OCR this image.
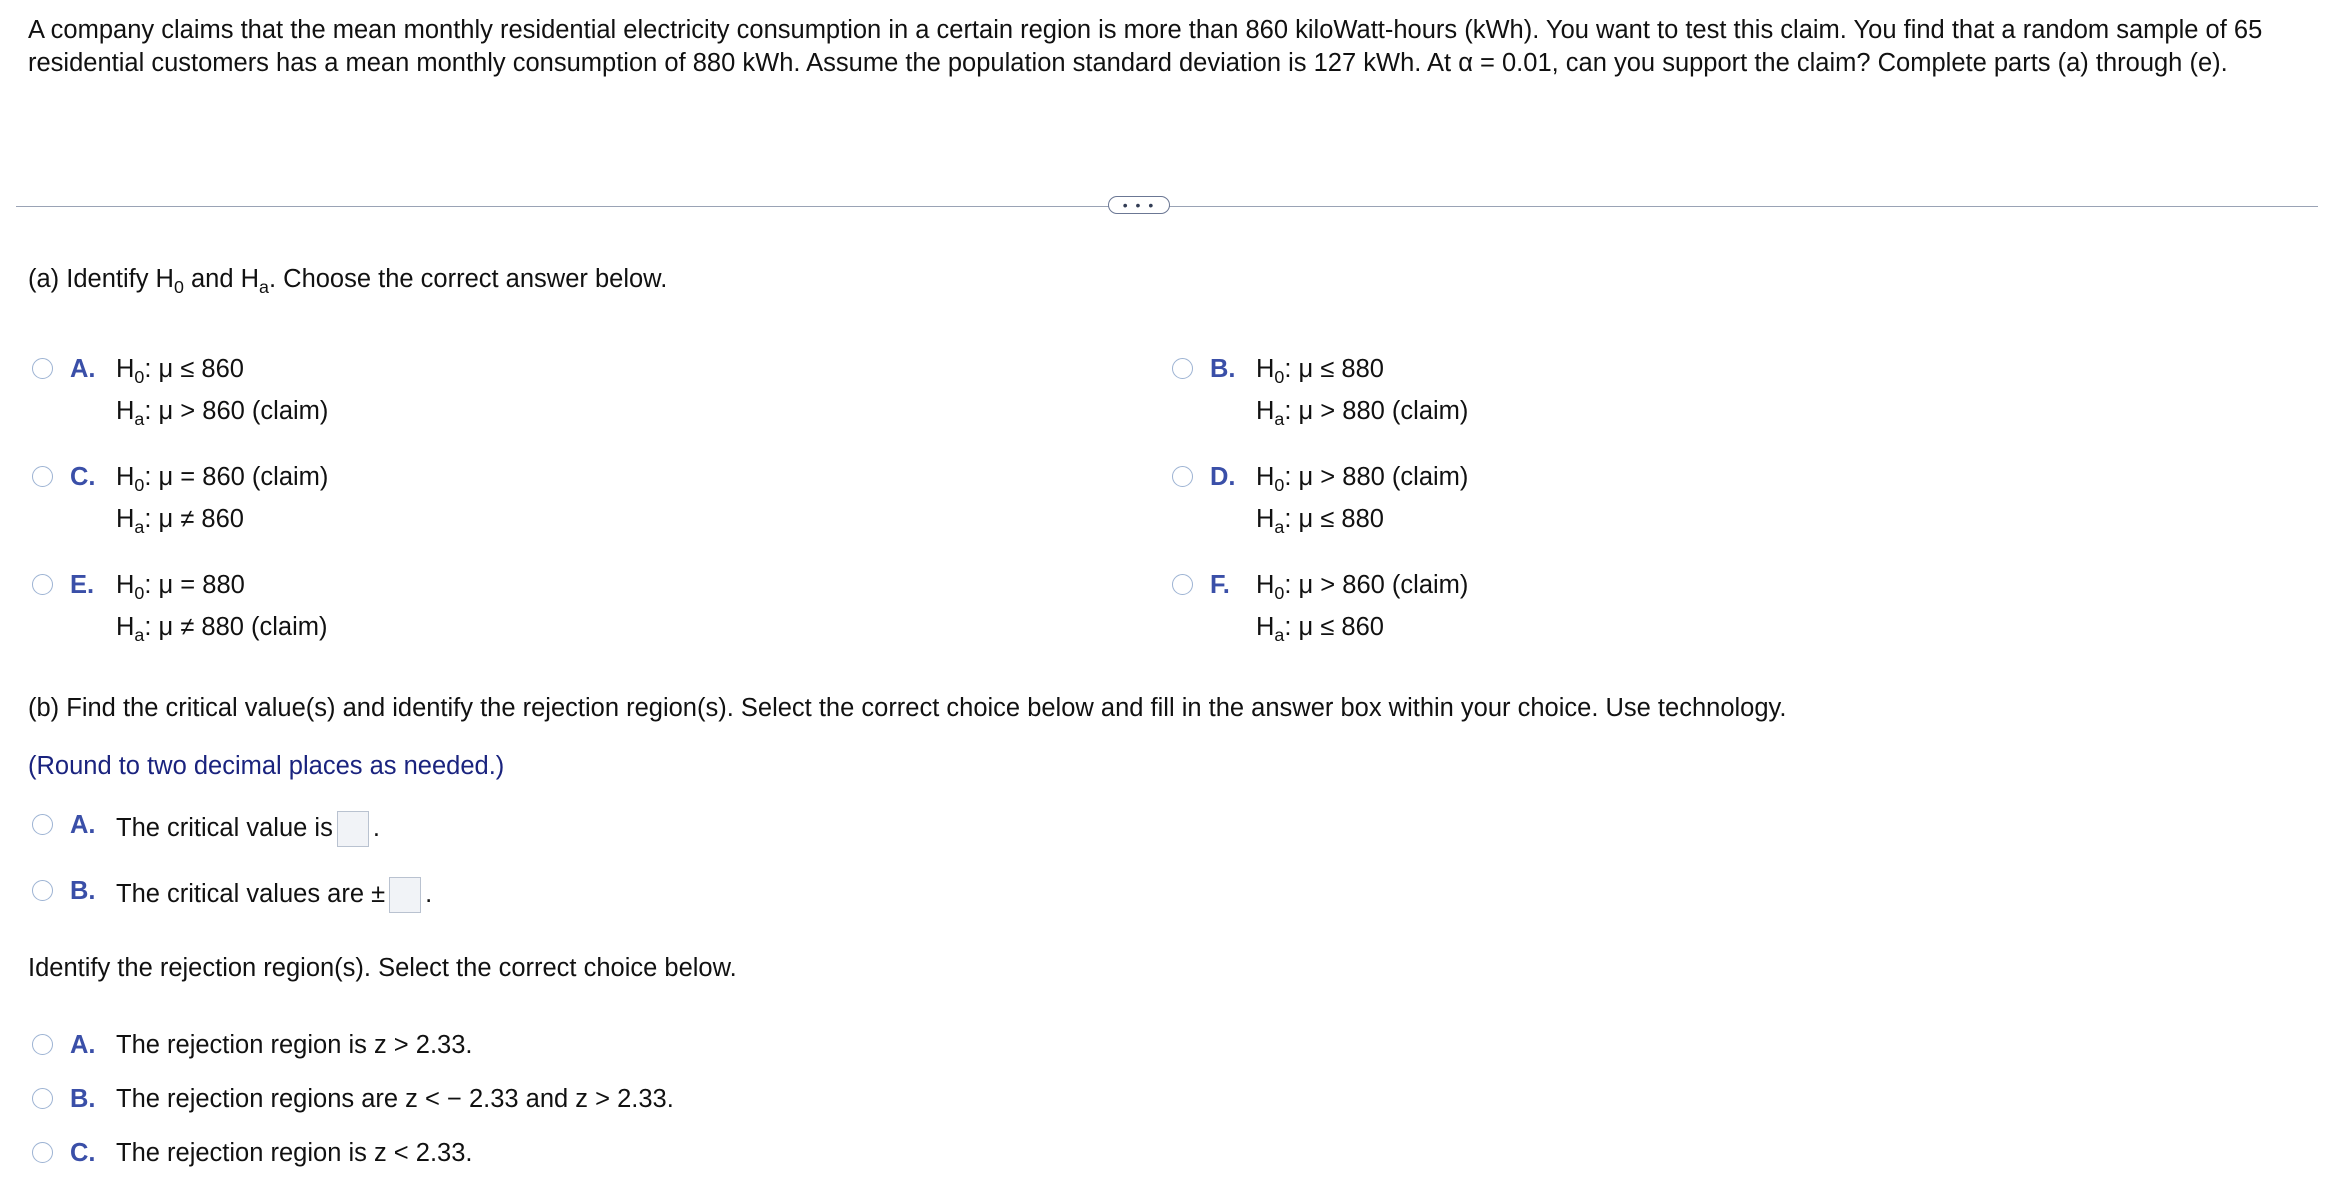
A company claims that the mean monthly residential electricity consumption in a certain region is more than 860 kiloWatt-hours (kWh). You want to test this claim. You find that a random sample of 65 residential customers has a mean monthly consumption of 880 kWh. Assume the population standard deviation is 127 kWh. At α = 0.01, can you support the claim? Complete parts (a) through (e).
• • •
(a) Identify $H_0$ and $H_a$. Choose the correct answer below.
A. $H_0$: μ ≤ 860
$H_a$: μ > 860 (claim)
B. $H_0$: μ ≤ 880
$H_a$: μ > 880 (claim)
C. $H_0$: μ = 860 (claim)
$H_a$: μ ≠ 860
D. $H_0$: μ > 880 (claim)
$H_a$: μ ≤ 880
E. $H_0$: μ = 880
$H_a$: μ ≠ 880 (claim)
F. $H_0$: μ > 860 (claim)
$H_a$: μ ≤ 860
(b) Find the critical value(s) and identify the rejection region(s). Select the correct choice below and fill in the answer box within your choice. Use technology.
(Round to two decimal places as needed.)
A. The critical value is .
B. The critical values are ± .
Identify the rejection region(s). Select the correct choice below.
A. The rejection region is z > 2.33.
B. The rejection regions are z < − 2.33 and z > 2.33.
C. The rejection region is z < 2.33.
